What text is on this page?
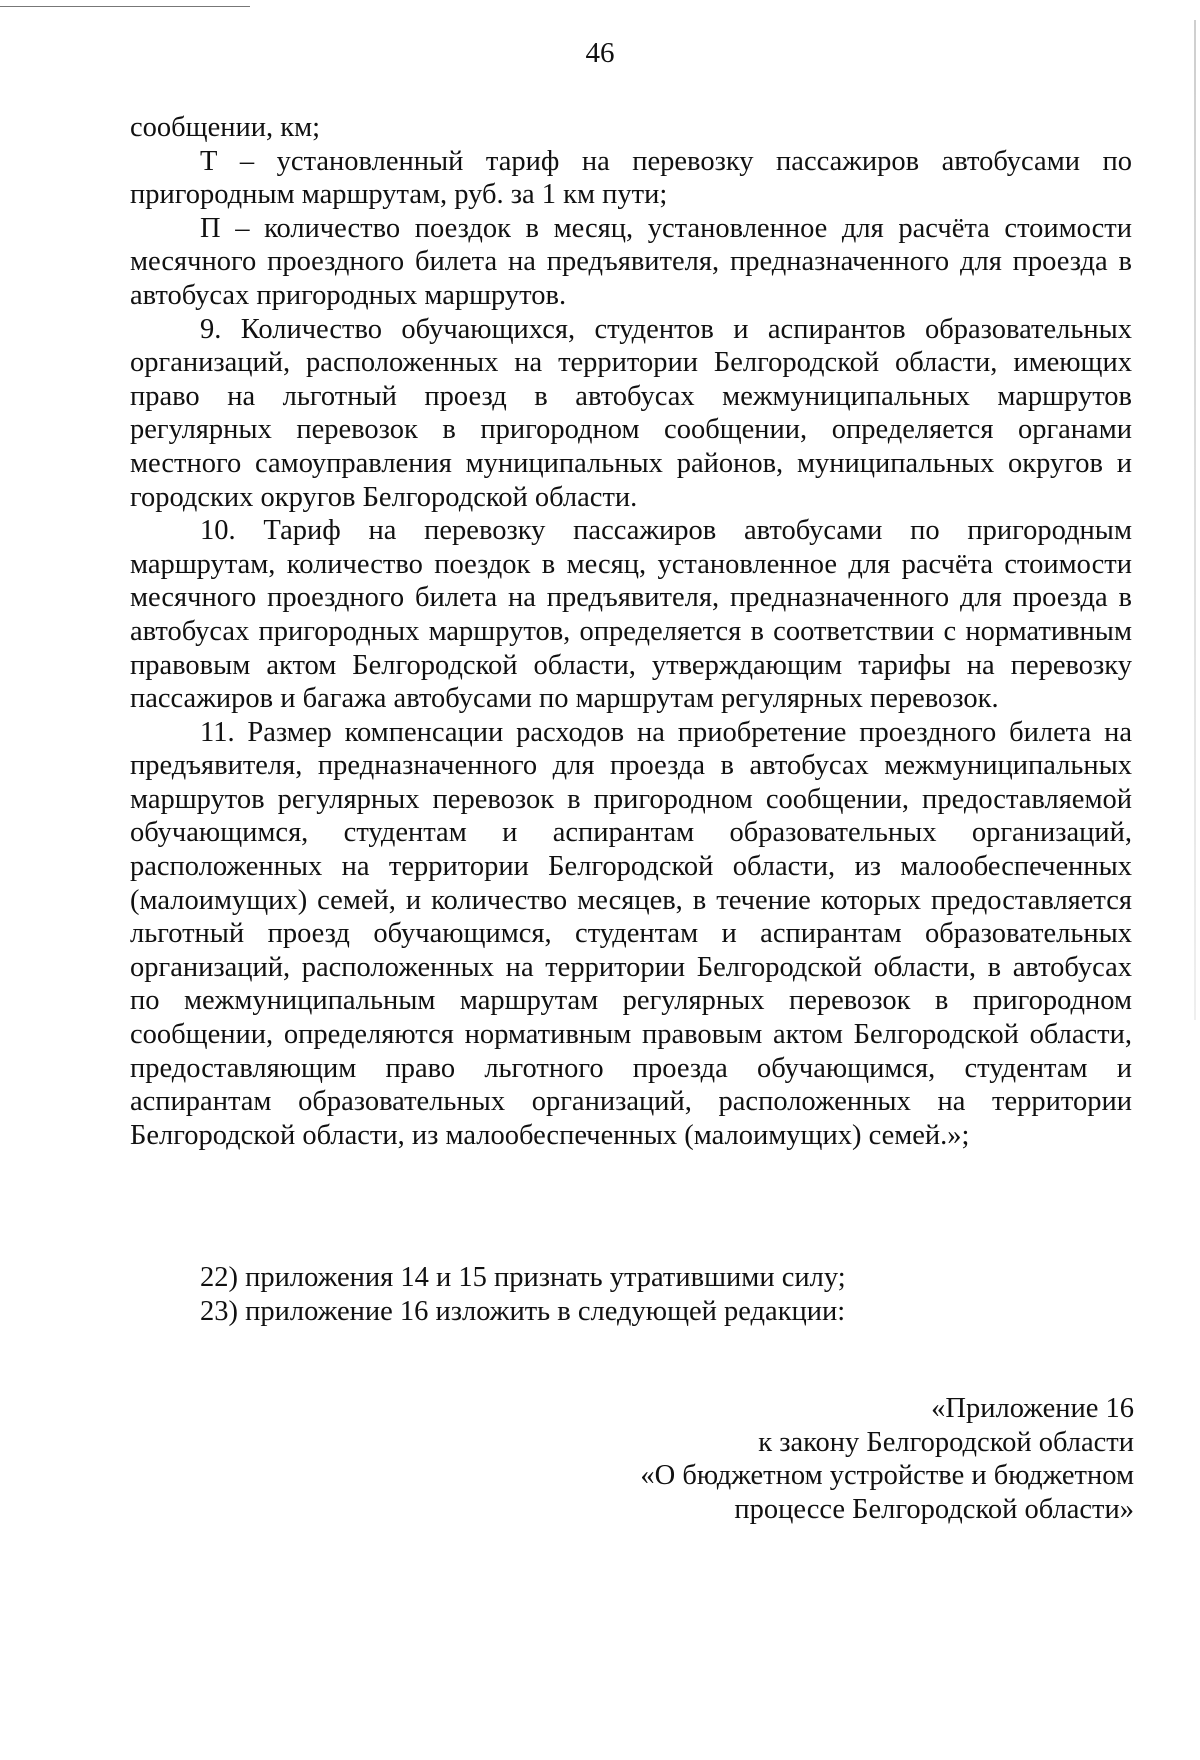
46

сообщении, км;

Т – установленный тариф на перевозку пассажиров автобусами по пригородным маршрутам, руб. за 1 км пути;

П – количество поездок в месяц, установленное для расчёта стоимости месячного проездного билета на предъявителя, предназначенного для проезда в автобусах пригородных маршрутов.

9. Количество обучающихся, студентов и аспирантов образовательных организаций, расположенных на территории Белгородской области, имеющих право на льготный проезд в автобусах межмуниципальных маршрутов регулярных перевозок в пригородном сообщении, определяется органами местного самоуправления муниципальных районов, муниципальных округов и городских округов Белгородской области.

10. Тариф на перевозку пассажиров автобусами по пригородным маршрутам, количество поездок в месяц, установленное для расчёта стоимости месячного проездного билета на предъявителя, предназначенного для проезда в автобусах пригородных маршрутов, определяется в соответствии с нормативным правовым актом Белгородской области, утверждающим тарифы на перевозку пассажиров и багажа автобусами по маршрутам регулярных перевозок.

11. Размер компенсации расходов на приобретение проездного билета на предъявителя, предназначенного для проезда в автобусах межмуниципальных маршрутов регулярных перевозок в пригородном сообщении, предоставляемой обучающимся, студентам и аспирантам образовательных организаций, расположенных на территории Белгородской области, из малообеспеченных (малоимущих) семей, и количество месяцев, в течение которых предоставляется льготный проезд обучающимся, студентам и аспирантам образовательных организаций, расположенных на территории Белгородской области, в автобусах по межмуниципальным маршрутам регулярных перевозок в пригородном сообщении, определяются нормативным правовым актом Белгородской области, предоставляющим право льготного проезда обучающимся, студентам и аспирантам образовательных организаций, расположенных на территории Белгородской области, из малообеспеченных (малоимущих) семей.»;

22) приложения 14 и 15 признать утратившими силу;

23) приложение 16 изложить в следующей редакции:

«Приложение 16

к закону Белгородской области

«О бюджетном устройстве и бюджетном

процессе Белгородской области»
